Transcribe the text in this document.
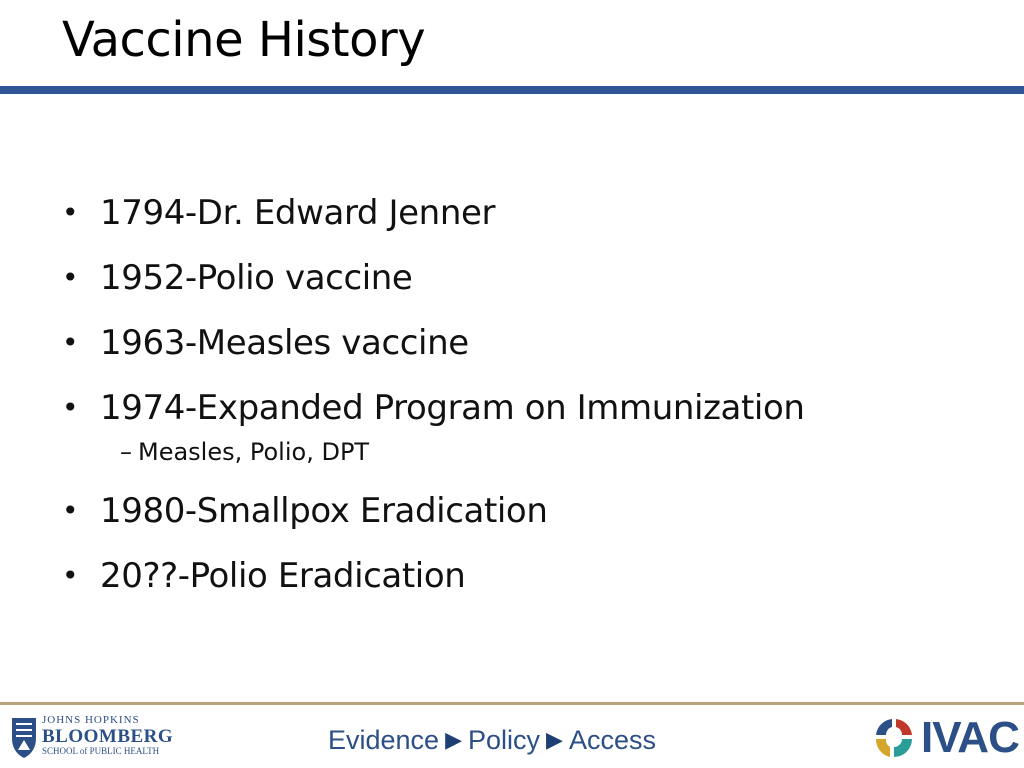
Vaccine History
• 1794-Dr. Edward Jenner
• 1952-Polio vaccine
• 1963-Measles vaccine
• 1974-Expanded Program on Immunization
– Measles, Polio, DPT
• 1980-Smallpox Eradication
• 20??-Polio Eradication
JOHNS HOPKINS
BLOOMBERG
SCHOOL of PUBLIC HEALTH	Evidence ▶ Policy ▶ Access	IVAC
